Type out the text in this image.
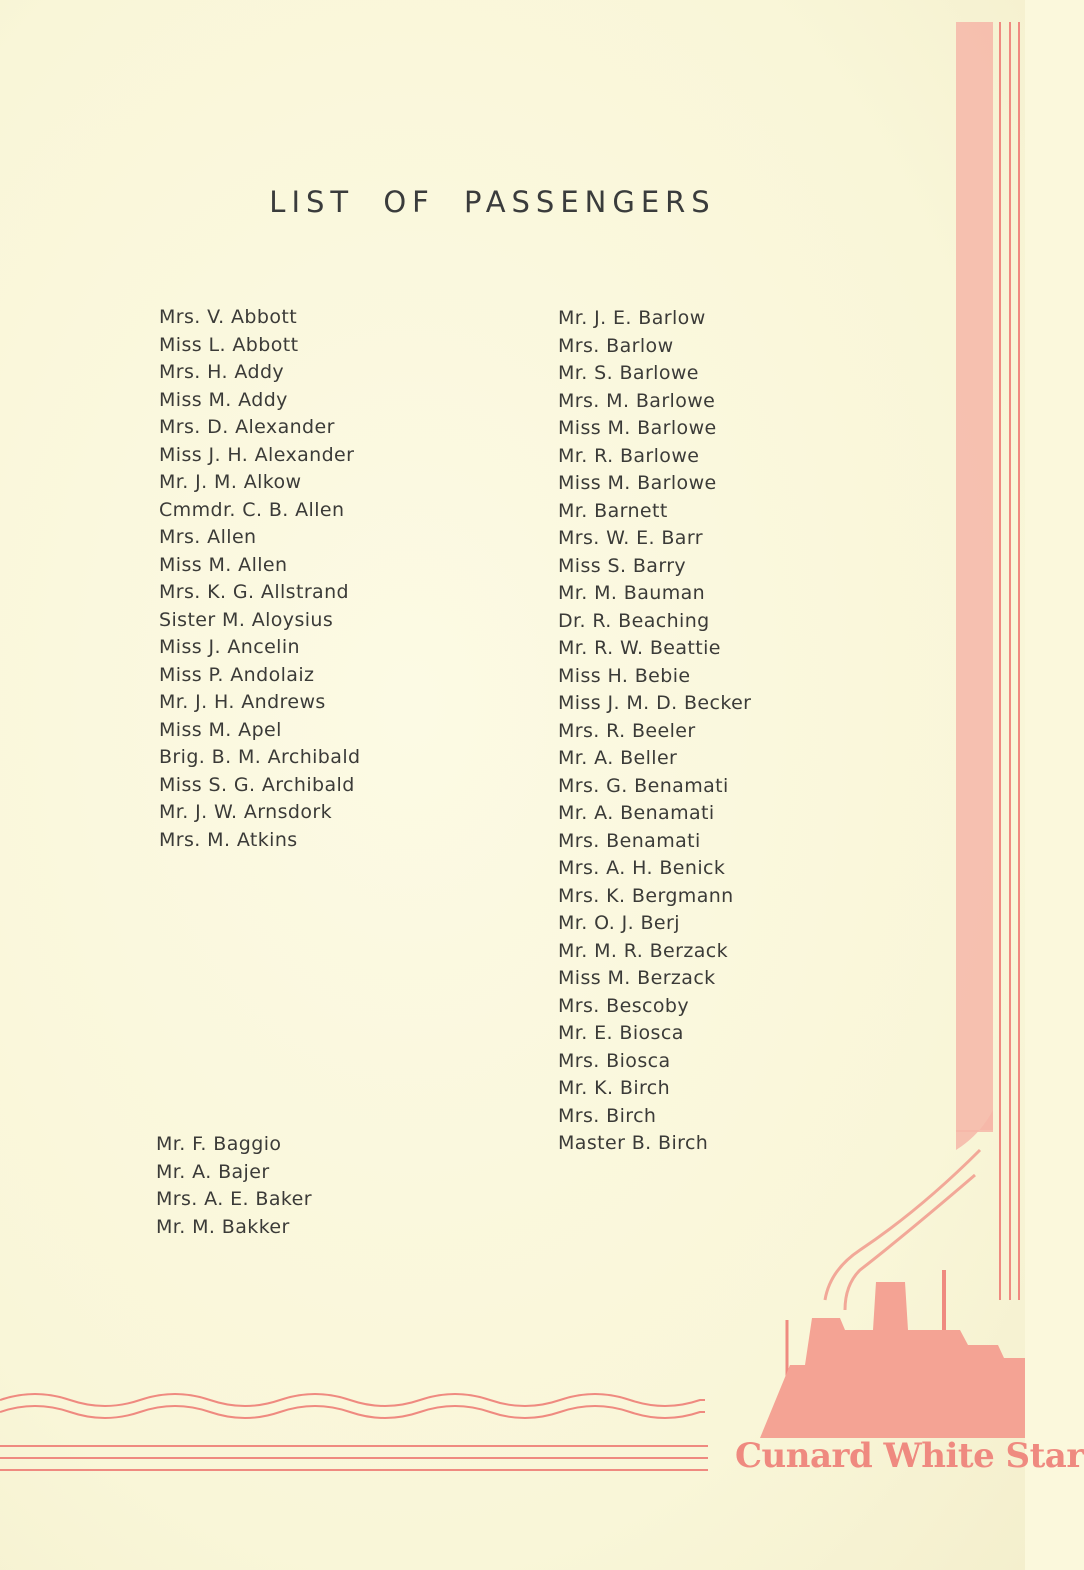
LIST OF PASSENGERS
Mrs. V. Abbott
Miss L. Abbott
Mrs. H. Addy
Miss M. Addy
Mrs. D. Alexander
Miss J. H. Alexander
Mr. J. M. Alkow
Cmmdr. C. B. Allen
Mrs. Allen
Miss M. Allen
Mrs. K. G. Allstrand
Sister M. Aloysius
Miss J. Ancelin
Miss P. Andolaiz
Mr. J. H. Andrews
Miss M. Apel
Brig. B. M. Archibald
Miss S. G. Archibald
Mr. J. W. Arnsdork
Mrs. M. Atkins
Mr. F. Baggio
Mr. A. Bajer
Mrs. A. E. Baker
Mr. M. Bakker
Mr. J. E. Barlow
Mrs. Barlow
Mr. S. Barlowe
Mrs. M. Barlowe
Miss M. Barlowe
Mr. R. Barlowe
Miss M. Barlowe
Mr. Barnett
Mrs. W. E. Barr
Miss S. Barry
Mr. M. Bauman
Dr. R. Beaching
Mr. R. W. Beattie
Miss H. Bebie
Miss J. M. D. Becker
Mrs. R. Beeler
Mr. A. Beller
Mrs. G. Benamati
Mr. A. Benamati
Mrs. Benamati
Mrs. A. H. Benick
Mrs. K. Bergmann
Mr. O. J. Berj
Mr. M. R. Berzack
Miss M. Berzack
Mrs. Bescoby
Mr. E. Biosca
Mrs. Biosca
Mr. K. Birch
Mrs. Birch
Master B. Birch
Cunard White Star
